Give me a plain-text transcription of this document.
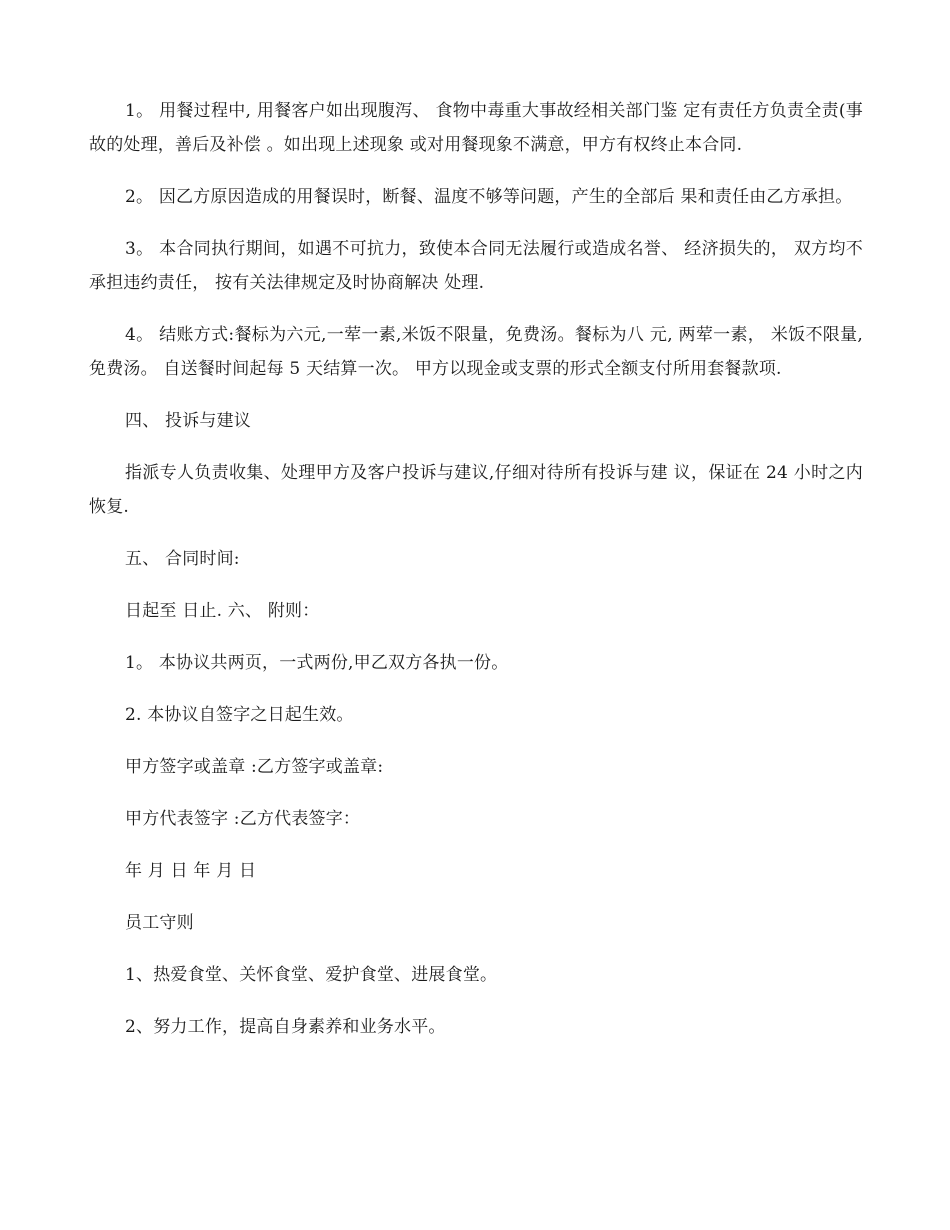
1。 用餐过程中, 用餐客户如出现腹泻、 食物中毒重大事故经相关部门鉴 定有责任方负责全责(事故的处理，善后及补偿 。如出现上述现象 或对用餐现象不满意，甲方有权终止本合同.

2。 因乙方原因造成的用餐误时，断餐、温度不够等问题，产生的全部后 果和责任由乙方承担。

3。 本合同执行期间，如遇不可抗力，致使本合同无法履行或造成名誉、 经济损失的， 双方均不承担违约责任， 按有关法律规定及时协商解决 处理.

4。 结账方式:餐标为六元,一荤一素,米饭不限量，免费汤。餐标为八 元, 两荤一素， 米饭不限量, 免费汤。 自送餐时间起每 5 天结算一次。 甲方以现金或支票的形式全额支付所用套餐款项.

四、 投诉与建议

指派专人负责收集、处理甲方及客户投诉与建议,仔细对待所有投诉与建 议，保证在 24 小时之内恢复.

五、 合同时间:

日起至 日止. 六、 附则：

1。 本协议共两页，一式两份,甲乙双方各执一份。

2. 本协议自签字之日起生效。

甲方签字或盖章 :乙方签字或盖章:

甲方代表签字 :乙方代表签字：

年 月 日 年 月 日

员工守则

1、热爱食堂、关怀食堂、爱护食堂、进展食堂。

2、努力工作，提高自身素养和业务水平。
